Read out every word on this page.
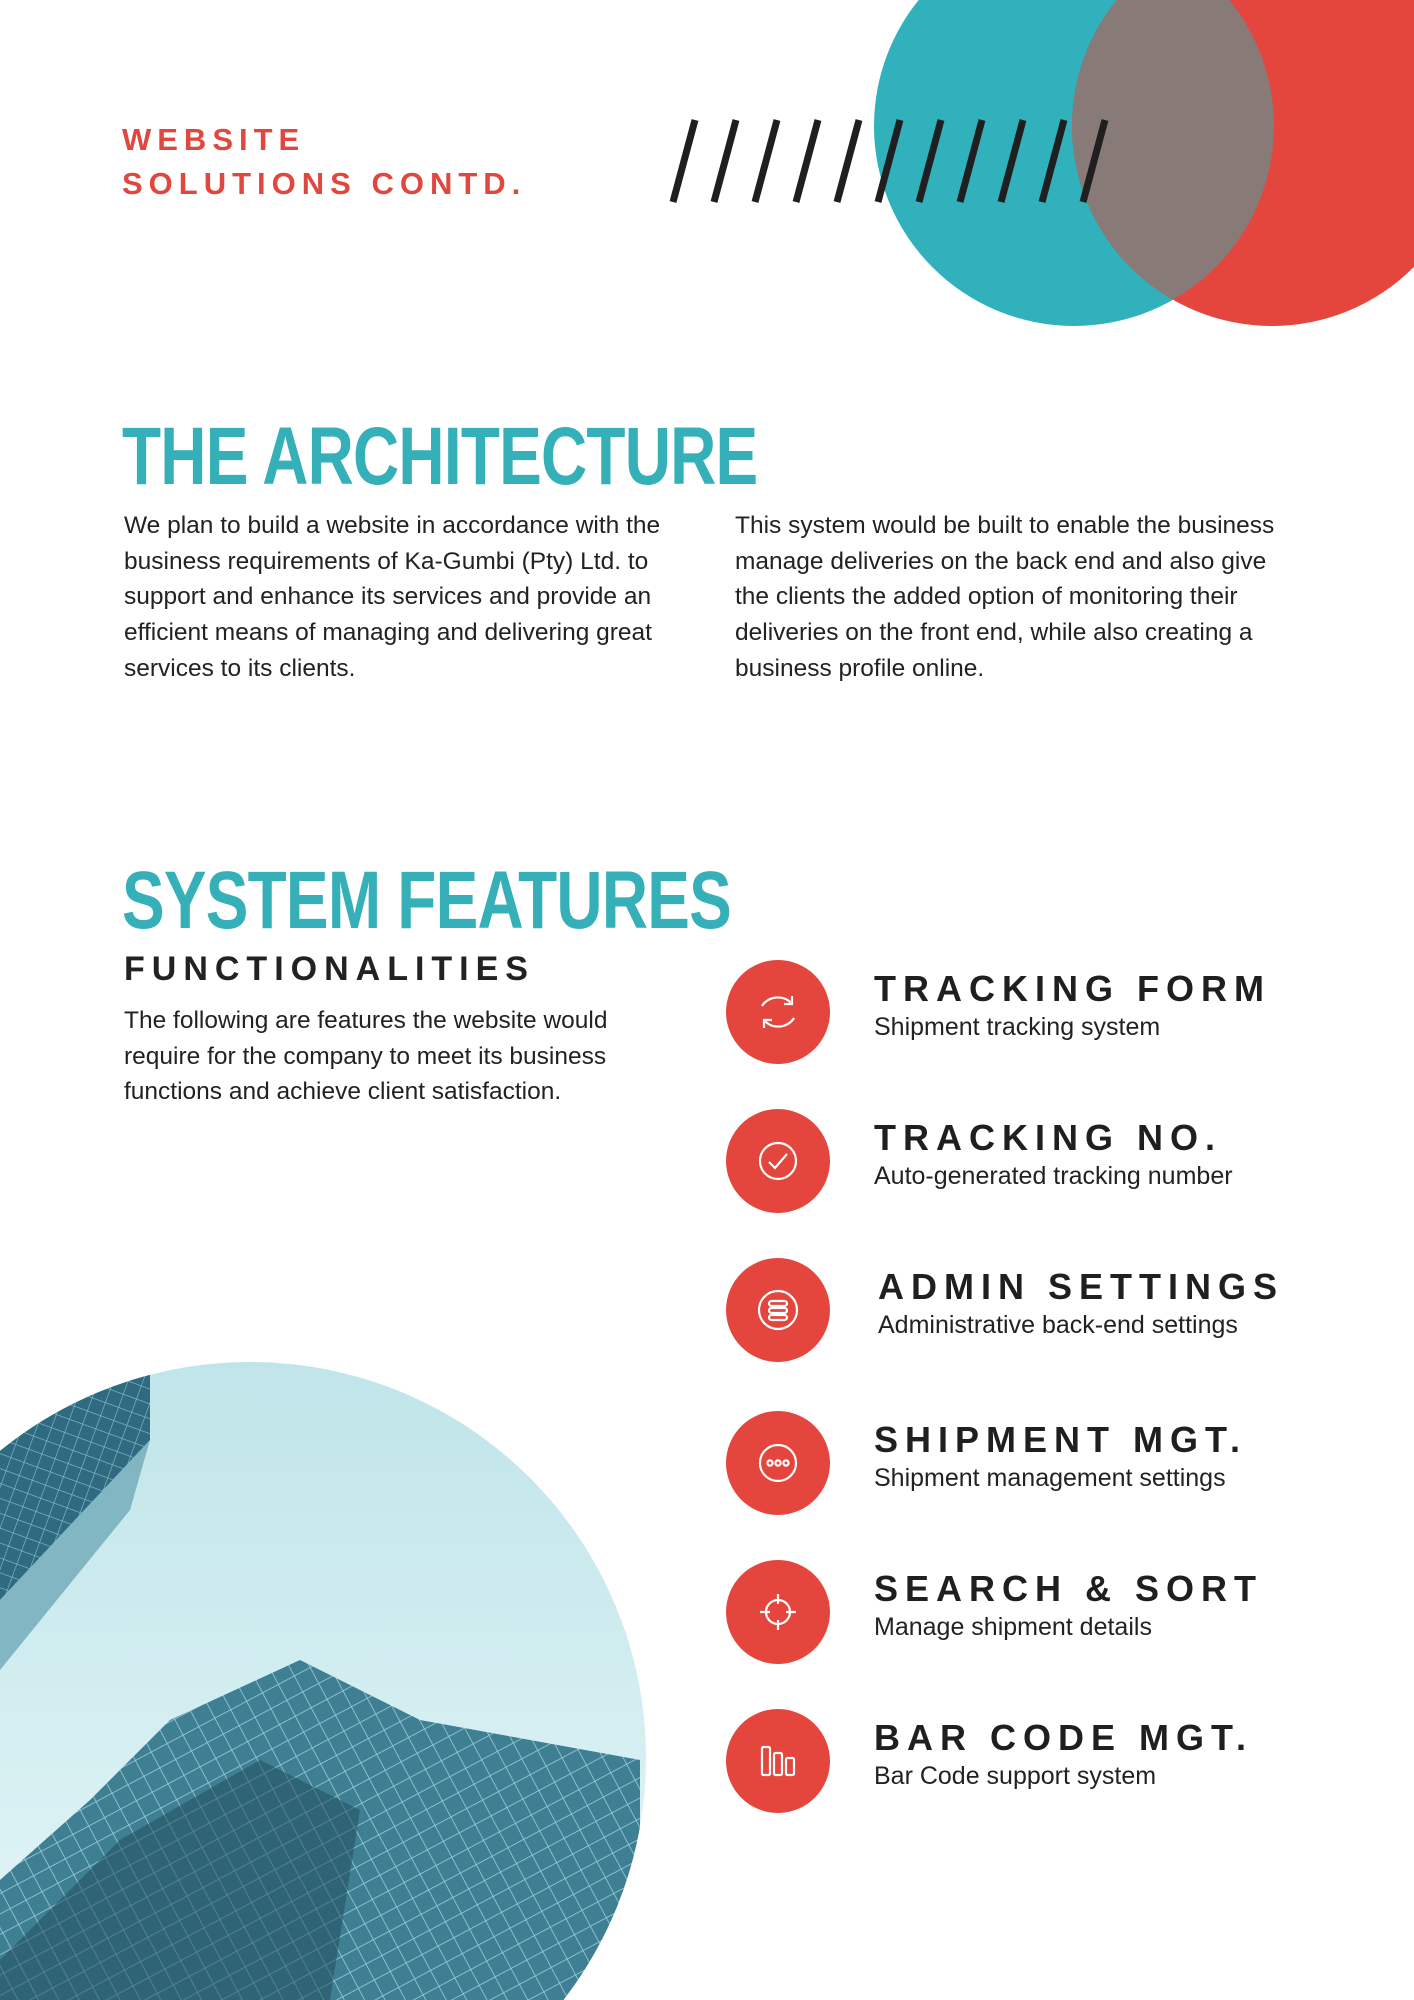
WEBSITE
SOLUTIONS CONTD.
THE ARCHITECTURE
We plan to build a website in accordance with the business requirements of Ka-Gumbi (Pty) Ltd. to support and enhance its services and provide an efficient means of managing and delivering great services to its clients.
This system would be built to enable the business manage deliveries on the back end and also give the clients the added option of monitoring their deliveries on the front end, while also creating a business profile online.
SYSTEM FEATURES
FUNCTIONALITIES
The following are features the website would require for the company to meet its business functions and achieve client satisfaction.
TRACKING FORM
Shipment tracking system
TRACKING NO.
Auto-generated tracking number
ADMIN SETTINGS
Administrative back-end settings
SHIPMENT MGT.
Shipment management settings
SEARCH & SORT
Manage shipment details
BAR CODE MGT.
Bar Code support system
